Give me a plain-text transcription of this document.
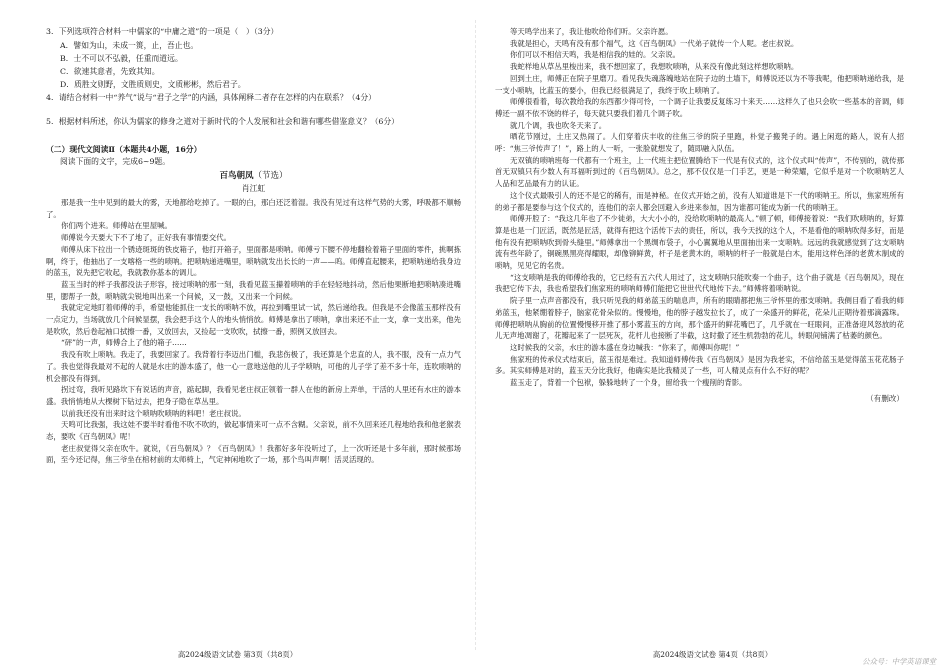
3．下列选项符合材料一中儒家的“中庸之道”的一项是（　）（3分）

A．譬如为山，未成一篑，止，吾止也。

B．士不可以不弘毅，任重而道远。

C．欲速其意者，先致其知。

D．质胜文则野，文胜质则史，文质彬彬，然后君子。

4．请结合材料一中“养气”说与“君子之学”的内涵，具体阐释二者存在怎样的内在联系？（4分）

5．根据材料所述，你认为儒家的修身之道对于新时代的个人发展和社会和谐有哪些借鉴意义？（6分）

（二）现代文阅读Ⅱ（本题共4小题，16分）

阅读下面的文字，完成6~9题。

百鸟朝凤（节选）

肖江虹

那是我一生中见到的最大的雾，天地都给吃掉了。一眼的白，那白还泛着湿。我没有见过有这样气势的大雾，呼吸都不顺畅了。

你们两个进来。师傅站在里屋喊。

师傅说今天要大下不了地了，正好我有事情要交代。

师傅从床下拉出一个锈迹斑斑的铁皮箱子，他打开箱子，里面都是唢呐。师傅亏下腰不停地翻检着箱子里面的零件，挑啊拣啊，终于，他抽出了一支喀格一些的唢呐。把唢呐递进嘴里，唢呐就发出长长的一声——呜。师傅直起腰来，把唢呐递给我身边的蓝玉，说先把它收起，我就教你基本的调儿。

蓝玉当时的样子我都没法子形容，接过唢呐的那一刻，我看见蓝玉攥着唢呐的手在轻轻地抖动，然后他果断地把唢呐凑进嘴里，腮帮子一鼓，唢呐就尖锐地叫出来一个问候，又一鼓，又出来一个问候。

我就定定地盯着师傅的手，希望他能抓住一支长的唢呐不放，再拉到嘴里试一试，然后递给我。但我是不会像蓝玉那样没有一点定力，当场就放几个问候显摆，我会把手这个人的地头悄悄放。师傅是拿出了唢呐，拿出来还不止一支，拿一支出来，他先是吹吹，然后卷起袖口拭擦一番，又放回去，又捡起一支吹吹，拭擦一番，照例又放回去。

“砰”的一声，师傅合上了他的箱子……

我没有吹上唢呐。我走了，我要回家了。我背着行李迈出门槛，我悲伤极了，我还算是个忠直的人，我不服，没有一点力气了。我也觉得我最对不起的人就是水庄的游本盛了，他一心一意地送他的儿子学唢呐，可他的儿子学了差不多十年，连吹唢呐的机会都没有得到。

拐过弯，我听见路坎下有说话的声音，踮起脚，我看见老庄叔正领着一群人在他的新房上弄单，干活的人里还有水庄的游本盛。我悄悄地从大棵树下钻过去，把身子隐在草丛里。

以前我还没有出来时这个唢呐吹唢呐的料吧！老庄叔说。

天鸣可比我强，我这娃不要半时看他不吹不吹的，做起事情来可一点不含糊。父亲说，前不久回来还几程地给我和他老猴表态，要吹《百鸟朝凤》呢！

老庄叔觉得父亲在吹牛。就说，《百鸟朝凤》？《百鸟朝凤》！我都好多年没听过了，上一次听还是十多年前，那时候那场面，至今还记得，焦三爷坐在棺材前的太师椅上，气定神闲地吹了一场，那个鸟叫声啊！活灵活现的。

等天鸣学出来了，我让他吹给你们听。父亲许愿。

我就是担心，天鸣有没有那个福气，这《百鸟朝凤》一代弟子就传一个人呢。老庄叔说。

你们可以不相信天鸣，我是相信我的娃的。父亲说。

我蛇样地从草丛里梭出来，我不想回家了，我想吹唢呐，从来没有像此刻这样想吹唢呐。

回到土庄，师傅正在院子里磨刀。看见我失魂落魄地站在院子边的土墙下，师傅说还以为不等我呢，他把唢呐递给我，是一支小唢呐，比蓝玉的要小，但我已经很满足了，我终于吹上唢呐了。

师傅很看着，每次教给我的东西都少得可怜，一个调子让我要反复练习十来天……这样久了也只会吹一些基本的音调，师傅还一副不依不饶的样子，每天就只要我们着几个调子吹。

就几个调，我也吹冬天来了。

晒花节刚过，土庄又热闹了。人们穿着庆丰收的往焦三爷的院子里跑，朴觉子搬凳子的。遇上闲逛的路人，说有人招呼：“焦三爷传声了！”，路上的人一听，一张脸就想发了，随即融入队伍。

无双镇的唢呐班每一代都有一个班主，上一代班主把位置腾给下一代是有仪式的，这个仪式叫“传声”，不传别的，就传那首无双镇只有少数人有耳福听到过的《百鸟朝凤》。总之，那不仅仅是一门手艺，更是一种荣耀，它似乎是对一个吹唢呐艺人人品和艺品最有力的认证。

这个仪式最吸引人的还不是它的稀有，而是神秘。在仪式开始之前，没有人知道谁是下一代的唢呐王。所以，焦家班所有的弟子都是要参与这个仪式的，连他们的亲人都会回避入乡进来参加，因为谁都可能成为新一代的唢呐王。

师傅开腔了：“我这几年也了不少徒弟，大大小小的，没给吹唢呐的最高人。”顿了顿，师傅接着说：“我们吹唢呐的，好算算是也是一门匠活，既然是匠活，就得有把这个活传下去的责任，所以，我今天找的这个人，不是看他的唢呐吹得多好，而是他有没有把唢呐吹到骨头缝里。”师傅拿出一个黑绸布袋子，小心翼翼地从里面抽出来一支唢呐。远远的我就感觉到了这支唢呐流有些年龄了，铜碗黑黑亮得耀眼，却像铆鲜黄，杆子是老黄木的，唢呐的杆子一般就是白木，能用这样色泽的老黄木制成的唢呐，见见它的名贵。

“这支唢呐是我的师傅给我的，它已经有五六代人用过了，这支唢呐只能吹奏一个曲子，这个曲子就是《百鸟朝凤》，现在我把它传下去，我也希望我们焦家班的唢呐师傅们能把它世世代代地传下去。”师傅将着唢呐说。

院子里一点声音都没有，我只听见我的师弟蓝玉的喘息声，所有的眼睛都把焦三爷怀里的那支唢呐。我侧目看了看我的师弟蓝玉，他紧绷着脖子，脑家花骨朵似的。慢慢地，他的脖子越发拉长了，成了一朵盛开的鲜花，花朵儿正期待着那滴露珠。师傅把唢呐从胸前的位置慢慢移开推了那小雾蓝玉的方向，那个盛开的鲜花嘴巴了，几乎就在一旺眼间，正准备迎风怒放的花儿无声地凋谢了，花瓣起来了一层死灰，花杆儿也接断了半截，这时撒了还生机勃勃的花儿，转眼间铺满了枯萎的颜色。

这时候我的父亲，水庄的游本盛在身边喊我：“你来了，师傅叫你呢！”

焦家班的传承仪式结束后，蓝玉很是难过。我知道师傅传我《百鸟朝凤》是因为我老实，不信给蓝玉是觉得蓝玉花花肠子多。其实师傅是对的，蓝玉天分比我好，他确实是比我精灵了一些，可人精灵点有什么不好的呢？

蓝玉走了，背着一个包袱，躲躲地转了一个身，留给我一个瘦削的背影。

（有删改）

高2024级语文试卷 第3页（共8页）	高2024级语文试卷 第4页（共8页）
公众号：中学英语课堂
